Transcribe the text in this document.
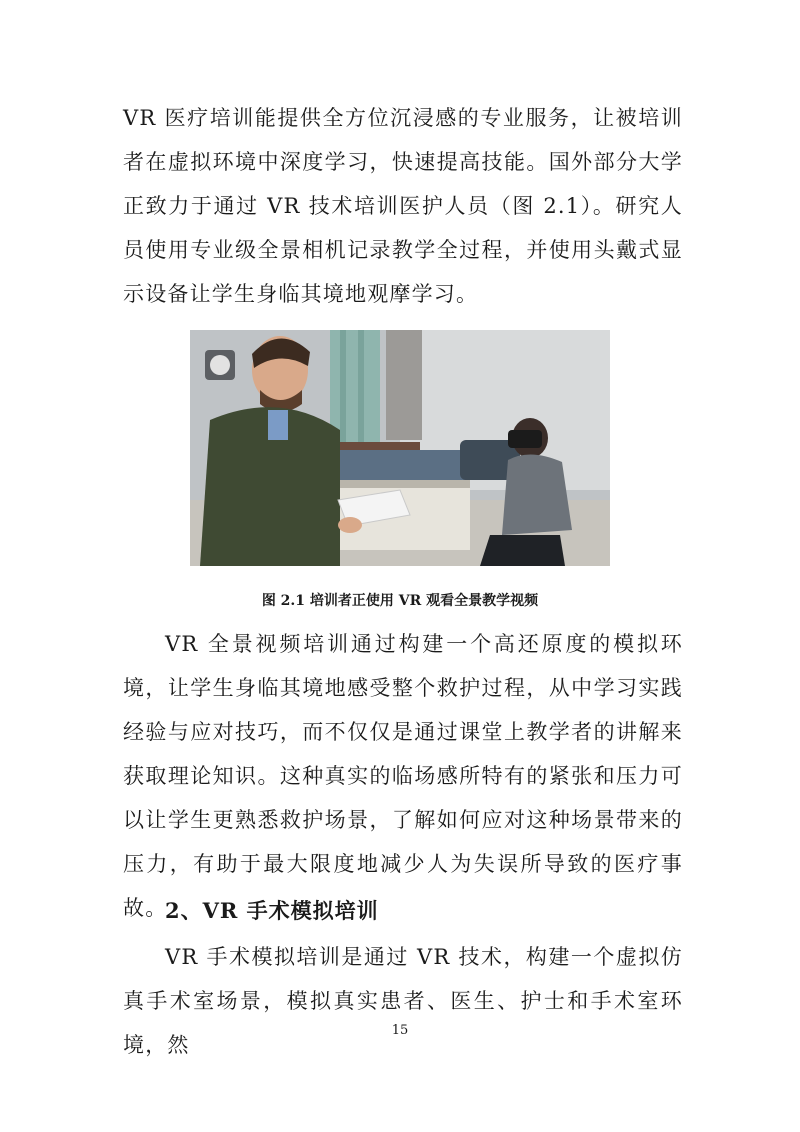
VR 医疗培训能提供全方位沉浸感的专业服务，让被培训者在虚拟环境中深度学习，快速提高技能。国外部分大学正致力于通过 VR 技术培训医护人员（图 2.1）。研究人员使用专业级全景相机记录教学全过程，并使用头戴式显示设备让学生身临其境地观摩学习。

图 2.1 培训者正使用 VR 观看全景教学视频

VR 全景视频培训通过构建一个高还原度的模拟环境，让学生身临其境地感受整个救护过程，从中学习实践经验与应对技巧，而不仅仅是通过课堂上教学者的讲解来获取理论知识。这种真实的临场感所特有的紧张和压力可以让学生更熟悉救护场景，了解如何应对这种场景带来的压力，有助于最大限度地减少人为失误所导致的医疗事故。

2、VR 手术模拟培训

VR 手术模拟培训是通过 VR 技术，构建一个虚拟仿真手术室场景，模拟真实患者、医生、护士和手术室环境，然

15
